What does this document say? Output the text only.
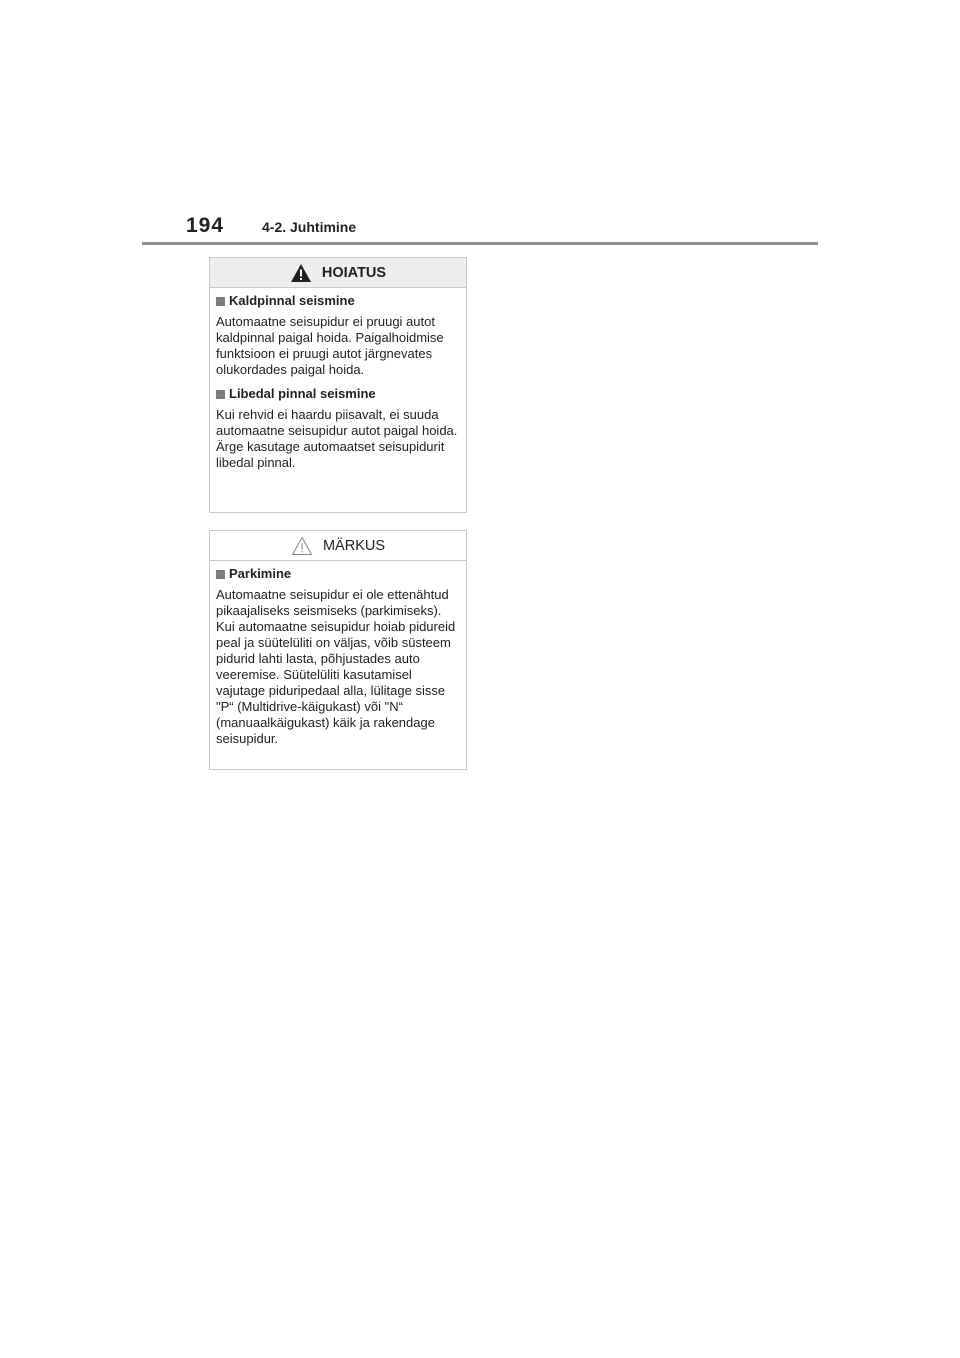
194	4-2. Juhtimine
HOIATUS
Kaldpinnal seismine
Automaatne seisupidur ei pruugi autot kaldpinnal paigal hoida. Paigalhoidmise funktsioon ei pruugi autot järgnevates olukordades paigal hoida.
Libedal pinnal seismine
Kui rehvid ei haardu piisavalt, ei suuda automaatne seisupidur autot paigal hoida. Ärge kasutage automaatset seisupidurit libedal pinnal.
MÄRKUS
Parkimine
Automaatne seisupidur ei ole ettenähtud pikaajaliseks seismiseks (parkimiseks). Kui automaatne seisupidur hoiab pidureid peal ja süütelüliti on väljas, võib süsteem pidurid lahti lasta, põhjustades auto veeremise. Süütelüliti kasutamisel vajutage piduripedaal alla, lülitage sisse "P“ (Multidrive-käigukast) või "N“ (manuaalkäigukast) käik ja rakendage seisupidur.
